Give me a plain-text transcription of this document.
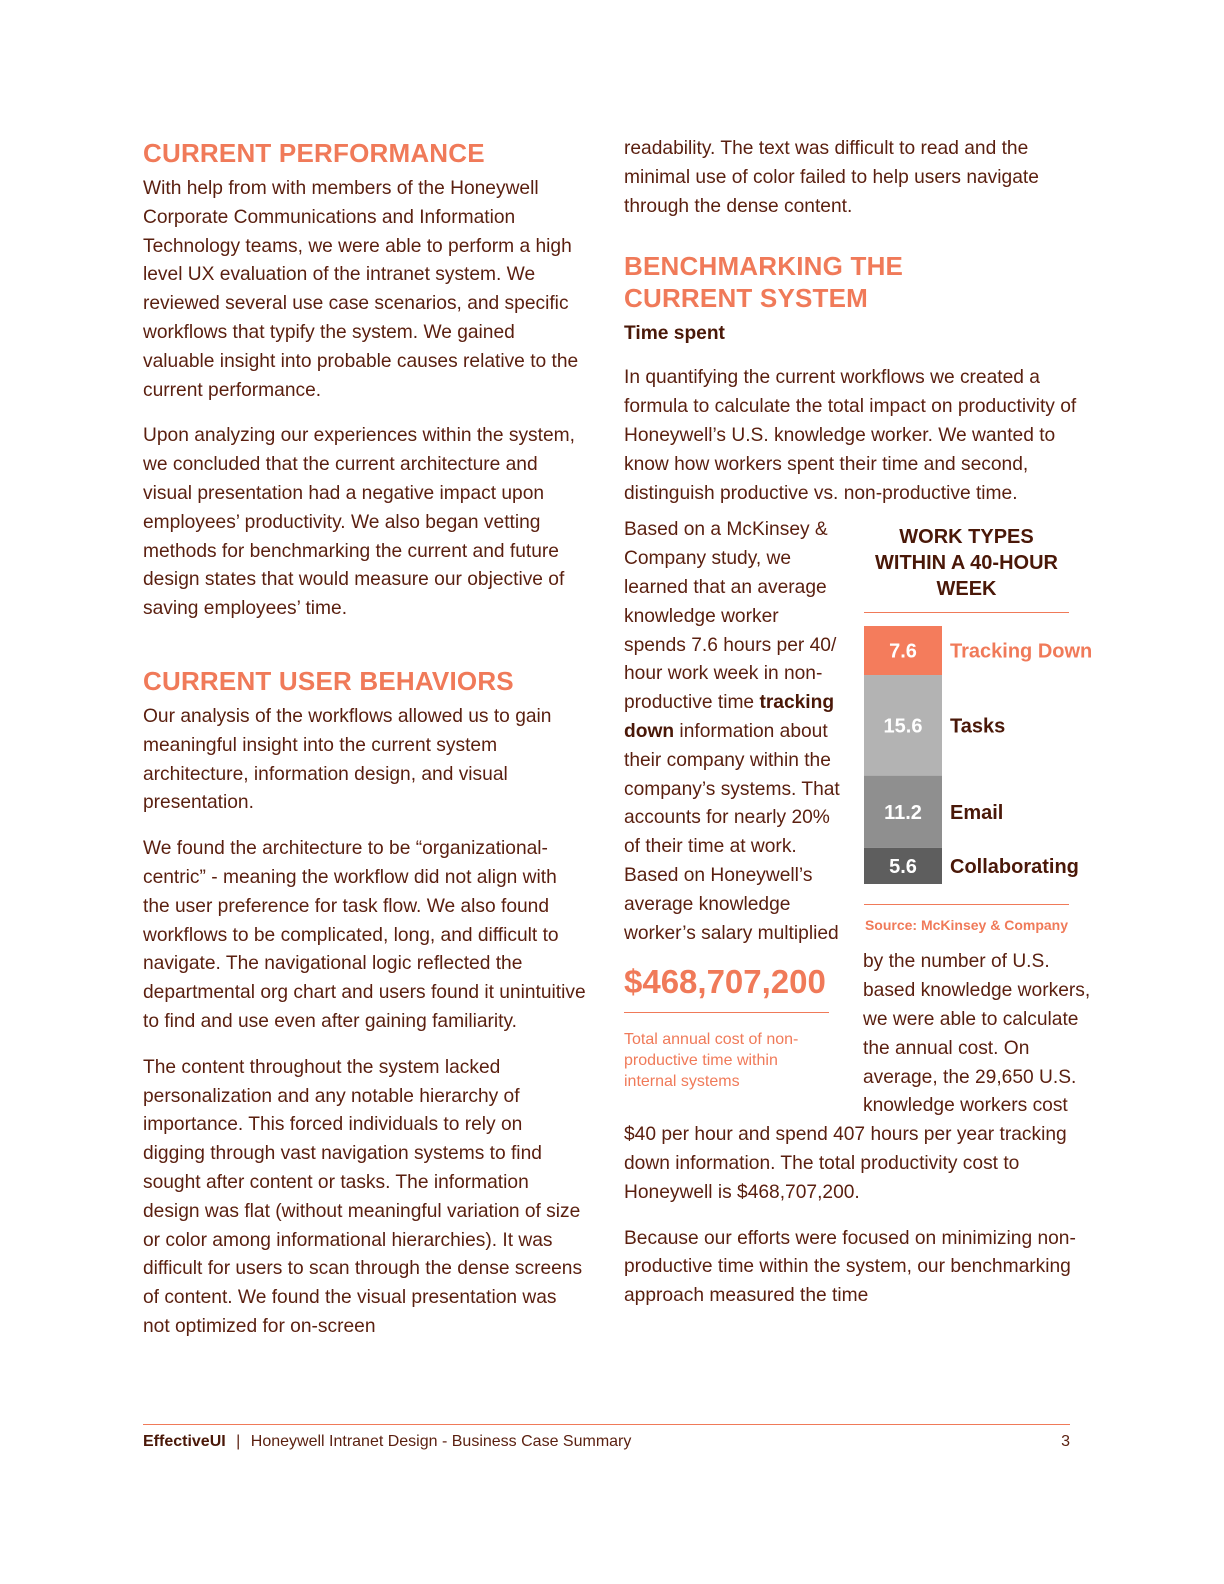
CURRENT PERFORMANCE

With help from with members of the Honeywell Corporate Communications and Information Technology teams, we were able to perform a high level UX evaluation of the intranet system. We reviewed several use case scenarios, and specific workflows that typify the system. We gained valuable insight into probable causes relative to the current performance.

Upon analyzing our experiences within the system, we concluded that the current architecture and visual presentation had a negative impact upon employees’ productivity. We also began vetting methods for benchmarking the current and future design states that would measure our objective of saving employees’ time.

CURRENT USER BEHAVIORS

Our analysis of the workflows allowed us to gain meaningful insight into the current system architecture, information design, and visual presentation.

We found the architecture to be “organizational-centric” - meaning the workflow did not align with the user preference for task flow. We also found workflows to be complicated, long, and difficult to navigate. The navigational logic reflected the departmental org chart and users found it unintuitive to find and use even after gaining familiarity.

The content throughout the system lacked personalization and any notable hierarchy of importance. This forced individuals to rely on digging through vast navigation systems to find sought after content or tasks. The information design was flat (without meaningful variation of size or color among informational hierarchies). It was difficult for users to scan through the dense screens of content. We found the visual presentation was not optimized for on-screen

readability. The text was difficult to read and the minimal use of color failed to help users navigate through the dense content.

BENCHMARKING THE CURRENT SYSTEM
Time spent

In quantifying the current workflows we created a formula to calculate the total impact on productivity of Honeywell’s U.S. knowledge worker. We wanted to know how workers spent their time and second, distinguish productive vs. non-productive time.

WORK TYPES WITHIN A 40-HOUR WEEK
7.6 Tracking Down
15.6 Tasks
11.2 Email
5.6 Collaborating
Source: McKinsey & Company

Based on a McKinsey & Company study, we learned that an average knowledge worker spends 7.6 hours per 40/ hour work week in non-productive time tracking down information about their company within the company’s systems. That accounts for nearly 20% of their time at work. Based on Honeywell’s average knowledge worker’s salary multiplied by the number of
$468,707,200
Total annual cost of non-productive time within internal systems
U.S. based knowledge workers, we were able to calculate the annual cost. On average, the 29,650 U.S. knowledge workers cost $40 per hour and spend 407 hours per year tracking down information. The total productivity cost to Honeywell is $468,707,200.

Because our efforts were focused on minimizing non-productive time within the system, our benchmarking approach measured the time

EffectiveUI | Honeywell Intranet Design - Business Case Summary	3
